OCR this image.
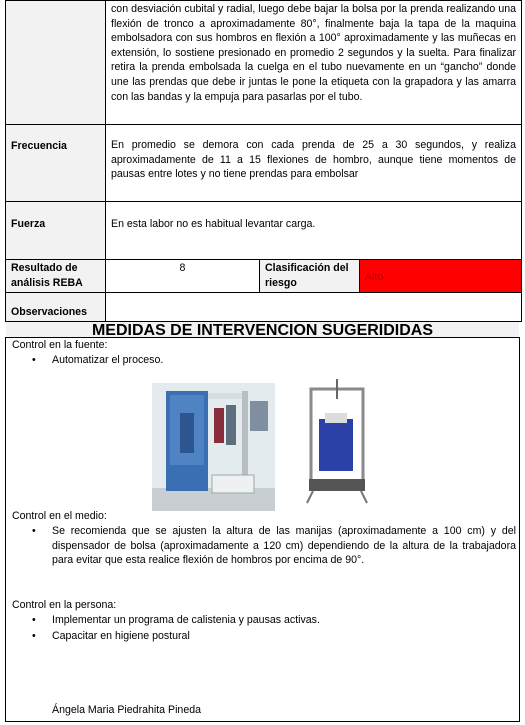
	con desviación cubital y radial, luego debe bajar la bolsa por la prenda realizando una flexión de tronco a aproximadamente 80°, finalmente baja la tapa de la maquina embolsadora con sus hombros en flexión a 100° aproximadamente y las muñecas en extensión, lo sostiene presionado en promedio 2 segundos y la suelta. Para finalizar retira la prenda embolsada la cuelga en el tubo nuevamente en un “gancho” donde une las prendas que debe ir juntas le pone la etiqueta con la grapadora y las amarra con las bandas y la empuja para pasarlas por el tubo.		
Frecuencia	En promedio se demora con cada prenda de 25 a 30 segundos, y realiza aproximadamente de 11 a 15 flexiones de hombro, aunque tiene momentos de pausas entre lotes y no tiene prendas para embolsar		
Fuerza	En esta labor no es habitual levantar carga.		
Resultado de análisis REBA	8	Clasificación del riesgo	Alto
Observaciones			
MEDIDAS DE INTERVENCION SUGERIDIDAS
Control en la fuente:
• Automatizar el proceso.
Control en el medio:
• Se recomienda que se ajusten la altura de las manijas (aproximadamente a 100 cm) y del dispensador de bolsa (aproximadamente a 120 cm) dependiendo de la altura de la trabajadora para evitar que esta realice flexión de hombros por encima de 90°.
Control en la persona:
• Implementar un programa de calistenia y pausas activas.
• Capacitar en higiene postural
Ángela Maria Piedrahita Pineda
